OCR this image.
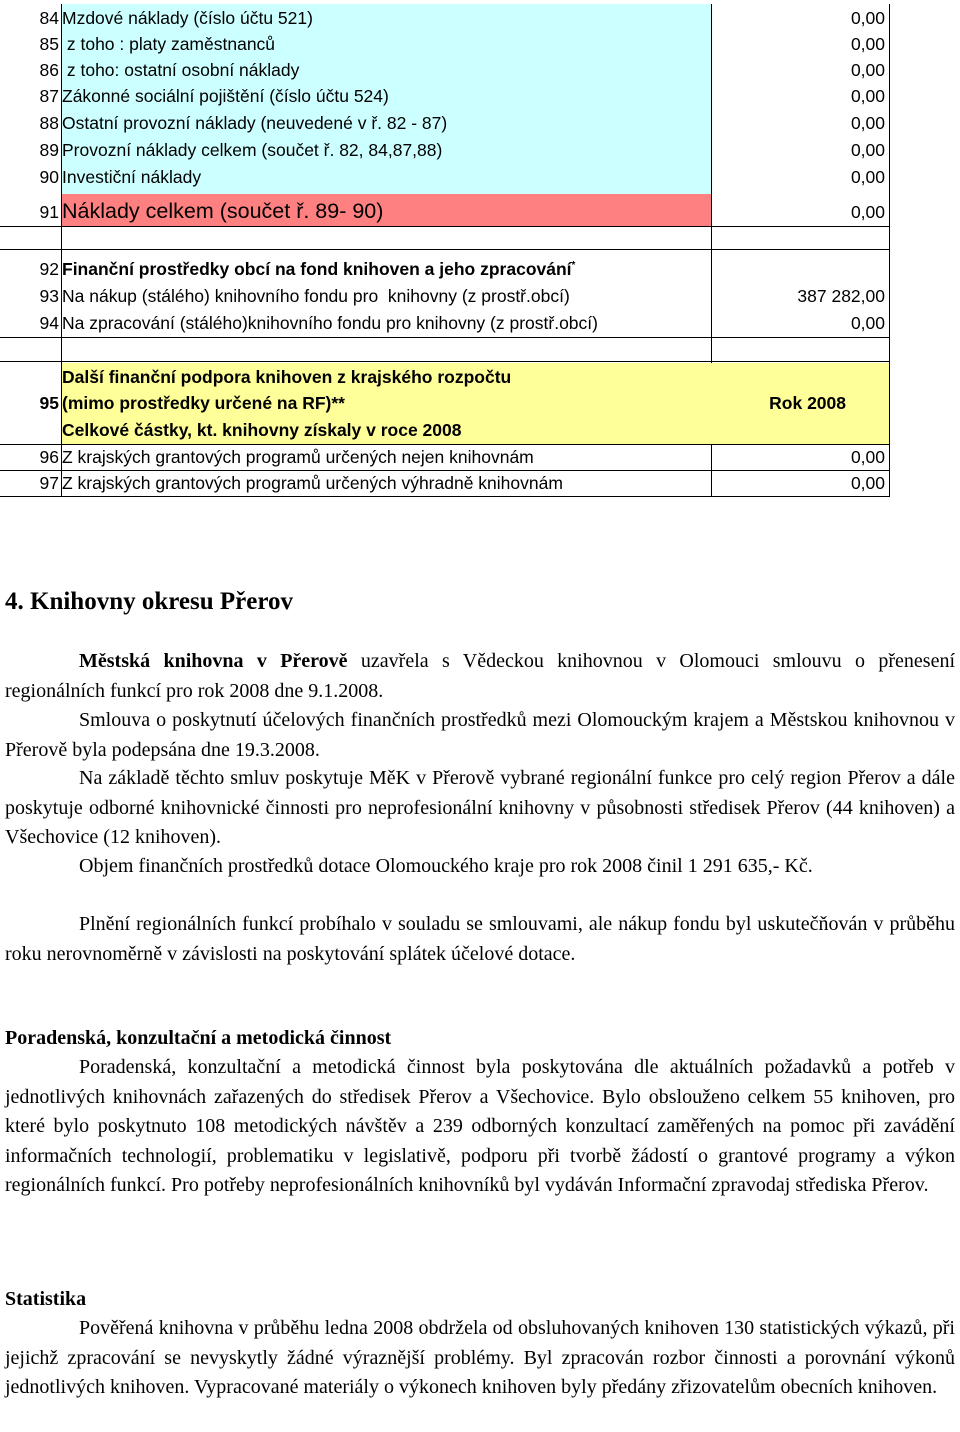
84 Mzdové náklady (číslo účtu 521)	0,00
85 z toho : platy zaměstnanců	0,00
86 z toho: ostatní osobní náklady	0,00
87 Zákonné sociální pojištění (číslo účtu 524)	0,00
88 Ostatní provozní náklady (neuvedené v ř. 82 - 87)	0,00
89 Provozní náklady celkem (součet ř. 82, 84,87,88)	0,00
90 Investiční náklady	0,00
91 Náklady celkem (součet ř. 89- 90)	0,00
92 Finanční prostředky obcí na fond knihoven a jeho zpracování*
93 Na nákup (stálého) knihovního fondu pro  knihovny (z prostř.obcí)	387 282,00
94 Na zpracování (stálého)knihovního fondu pro knihovny (z prostř.obcí)	0,00
Další finanční podpora knihoven z krajského rozpočtu
95 (mimo prostředky určené na RF)**	Rok 2008
Celkové částky, kt. knihovny získaly v roce 2008
96 Z krajských grantových programů určených nejen knihovnám	0,00
97 Z krajských grantových programů určených výhradně knihovnám	0,00
4. Knihovny okresu Přerov
Městská knihovna v Přerově uzavřela s Vědeckou knihovnou v Olomouci smlouvu o přenesení regionálních funkcí pro rok 2008 dne 9.1.2008.
Smlouva o poskytnutí účelových finančních prostředků mezi Olomouckým krajem a Městskou knihovnou v Přerově byla podepsána dne 19.3.2008.
Na základě těchto smluv poskytuje MěK v Přerově vybrané regionální funkce pro celý region Přerov a dále poskytuje odborné knihovnické činnosti pro neprofesionální knihovny v působnosti středisek Přerov (44 knihoven) a Všechovice (12 knihoven).
Objem finančních prostředků dotace Olomouckého kraje pro rok 2008 činil 1 291 635,- Kč.
Plnění regionálních funkcí probíhalo v souladu se smlouvami, ale nákup fondu byl uskutečňován v průběhu roku nerovnoměrně v závislosti na poskytování splátek účelové dotace.
Poradenská, konzultační a metodická činnost
Poradenská, konzultační a metodická činnost byla poskytována dle aktuálních požadavků a potřeb v jednotlivých knihovnách zařazených do středisek Přerov a Všechovice. Bylo obslouženo celkem 55 knihoven, pro které bylo poskytnuto 108 metodických návštěv a 239 odborných konzultací zaměřených na pomoc při zavádění informačních technologií, problematiku v legislativě, podporu při tvorbě žádostí o grantové programy a výkon regionálních funkcí. Pro potřeby neprofesionálních knihovníků byl vydáván Informační zpravodaj střediska Přerov.
Statistika
Pověřená knihovna v průběhu ledna 2008 obdržela od obsluhovaných knihoven 130 statistických výkazů, při jejichž zpracování se nevyskytly žádné výraznější problémy. Byl zpracován rozbor činnosti a porovnání výkonů jednotlivých knihoven. Vypracované materiály o výkonech knihoven byly předány zřizovatelům obecních knihoven.
